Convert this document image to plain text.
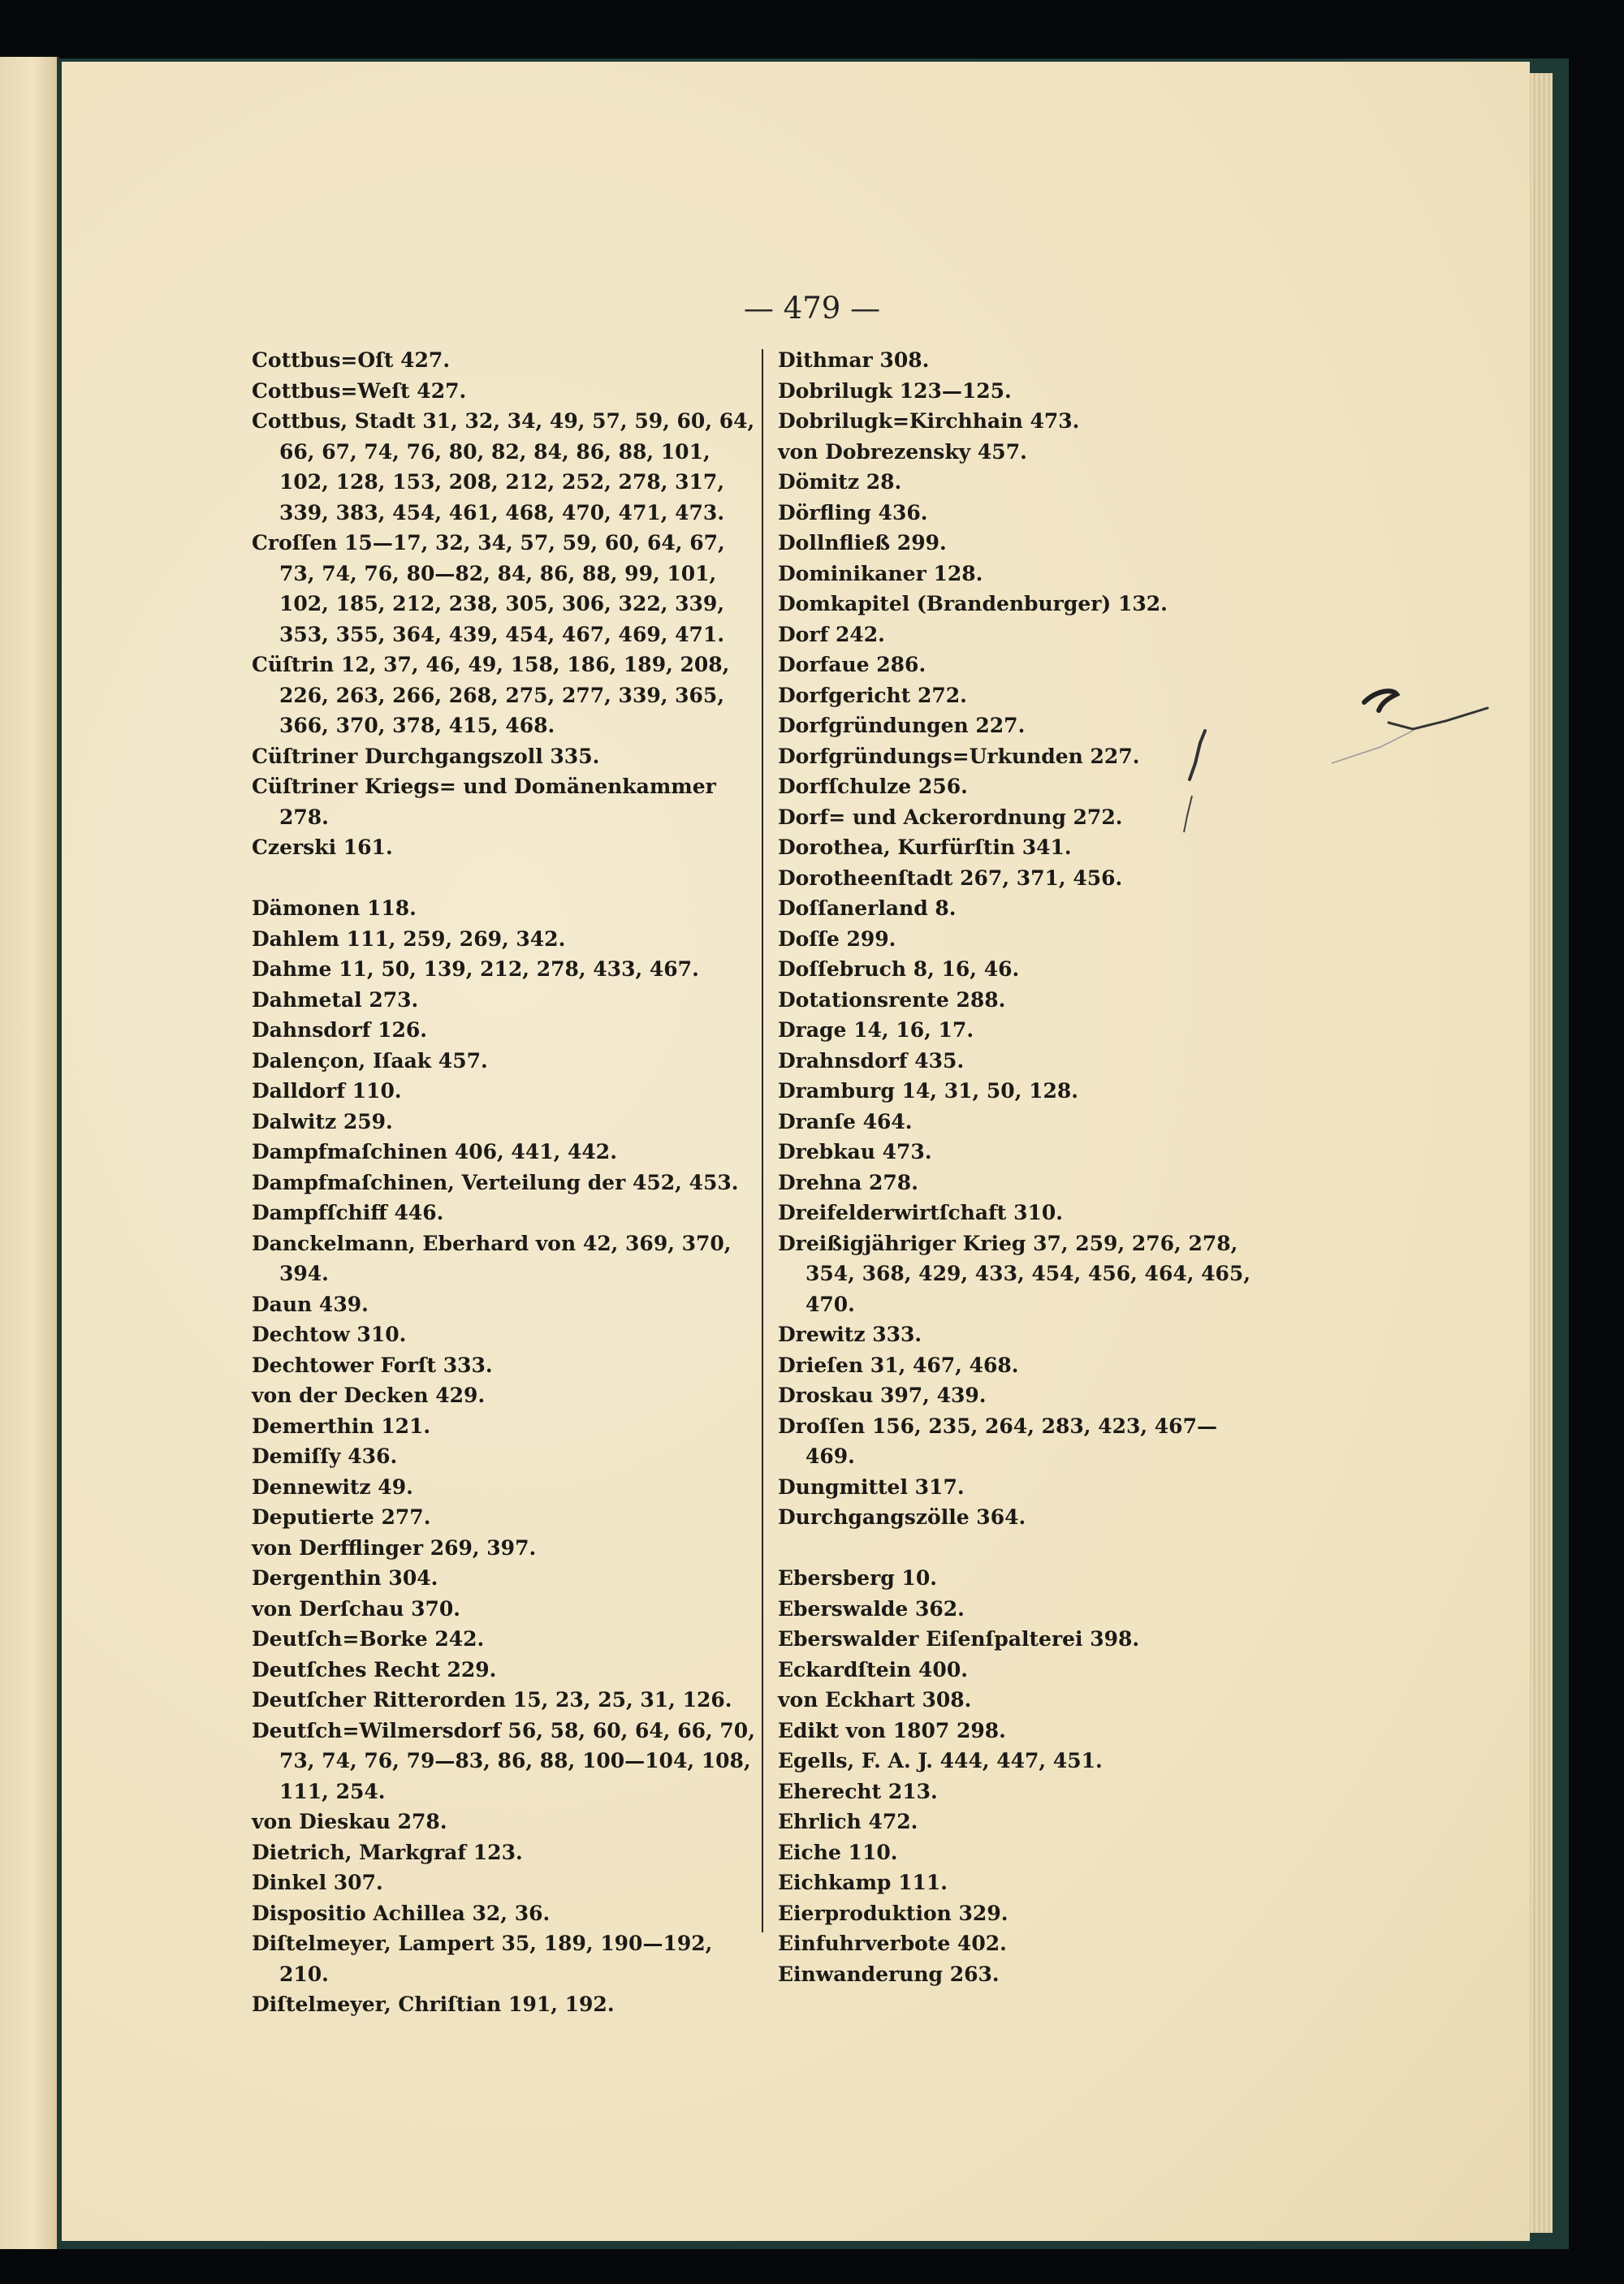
— 479 —
Cottbus=Oſt 427.
Cottbus=Weſt 427.
Cottbus, Stadt 31, 32, 34, 49, 57, 59, 60, 64, 66, 67, 74, 76, 80, 82, 84, 86, 88, 101, 102, 128, 153, 208, 212, 252, 278, 317, 339, 383, 454, 461, 468, 470, 471, 473.
Croſſen 15—17, 32, 34, 57, 59, 60, 64, 67, 73, 74, 76, 80—82, 84, 86, 88, 99, 101, 102, 185, 212, 238, 305, 306, 322, 339, 353, 355, 364, 439, 454, 467, 469, 471.
Cüſtrin 12, 37, 46, 49, 158, 186, 189, 208, 226, 263, 266, 268, 275, 277, 339, 365, 366, 370, 378, 415, 468.
Cüſtriner Durchgangszoll 335.
Cüſtriner Kriegs= und Domänenkammer 278.
Czerski 161.
Dämonen 118.
Dahlem 111, 259, 269, 342.
Dahme 11, 50, 139, 212, 278, 433, 467.
Dahmetal 273.
Dahnsdorf 126.
Dalençon, Iſaak 457.
Dalldorf 110.
Dalwitz 259.
Dampfmaſchinen 406, 441, 442.
Dampfmaſchinen, Verteilung der 452, 453.
Dampfſchiff 446.
Danckelmann, Eberhard von 42, 369, 370, 394.
Daun 439.
Dechtow 310.
Dechtower Forſt 333.
von der Decken 429.
Demerthin 121.
Demiſſy 436.
Dennewitz 49.
Deputierte 277.
von Derfflinger 269, 397.
Dergenthin 304.
von Derſchau 370.
Deutſch=Borke 242.
Deutſches Recht 229.
Deutſcher Ritterorden 15, 23, 25, 31, 126.
Deutſch=Wilmersdorf 56, 58, 60, 64, 66, 70, 73, 74, 76, 79—83, 86, 88, 100—104, 108, 111, 254.
von Dieskau 278.
Dietrich, Markgraf 123.
Dinkel 307.
Dispositio Achillea 32, 36.
Diſtelmeyer, Lampert 35, 189, 190—192, 210.
Diſtelmeyer, Chriſtian 191, 192.
Dithmar 308.
Dobrilugk 123—125.
Dobrilugk=Kirchhain 473.
von Dobrezensky 457.
Dömitz 28.
Dörfling 436.
Dollnfließ 299.
Dominikaner 128.
Domkapitel (Brandenburger) 132.
Dorf 242.
Dorfaue 286.
Dorfgericht 272.
Dorfgründungen 227.
Dorfgründungs=Urkunden 227.
Dorfſchulze 256.
Dorf= und Ackerordnung 272.
Dorothea, Kurfürſtin 341.
Dorotheenſtadt 267, 371, 456.
Doſſanerland 8.
Doſſe 299.
Doſſebruch 8, 16, 46.
Dotationsrente 288.
Drage 14, 16, 17.
Drahnsdorf 435.
Dramburg 14, 31, 50, 128.
Dranſe 464.
Drebkau 473.
Drehna 278.
Dreifelderwirtſchaft 310.
Dreißigjähriger Krieg 37, 259, 276, 278, 354, 368, 429, 433, 454, 456, 464, 465, 470.
Drewitz 333.
Drieſen 31, 467, 468.
Droskau 397, 439.
Droſſen 156, 235, 264, 283, 423, 467—469.
Dungmittel 317.
Durchgangszölle 364.
Ebersberg 10.
Eberswalde 362.
Eberswalder Eiſenſpalterei 398.
Eckardſtein 400.
von Eckhart 308.
Edikt von 1807 298.
Egells, F. A. J. 444, 447, 451.
Eherecht 213.
Ehrlich 472.
Eiche 110.
Eichkamp 111.
Eierproduktion 329.
Einfuhrverbote 402.
Einwanderung 263.
